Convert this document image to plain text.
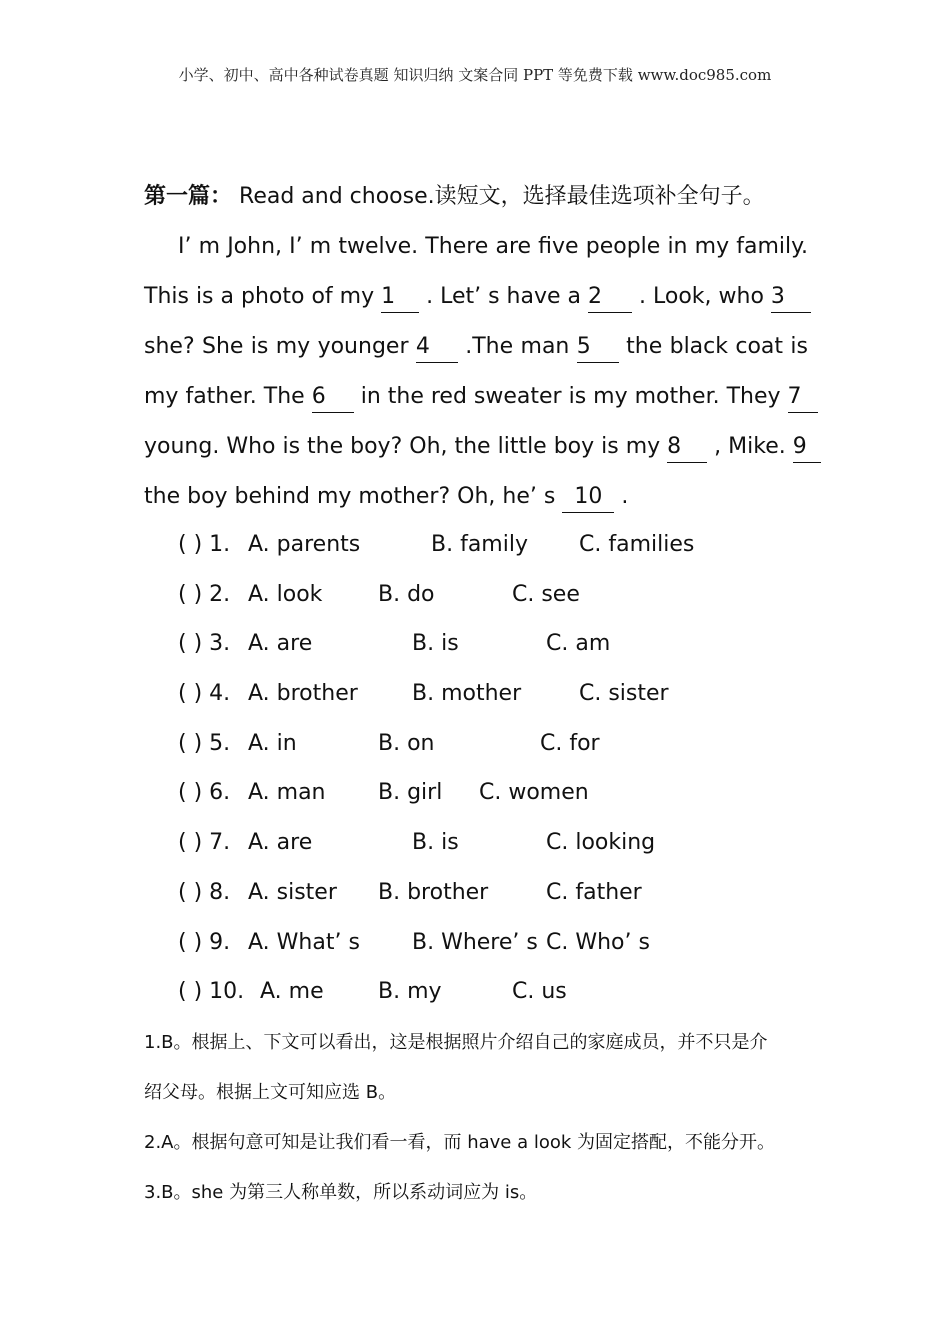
小学、初中、高中各种试卷真题 知识归纳 文案合同 PPT 等免费下载 www.doc985.com
第一篇： Read and choose.读短文，选择最佳选项补全句子。
I’ m John, I’ m twelve. There are five people in my family.
This is a photo of my 1 . Let’ s have a 2 . Look, who 3
she? She is my younger 4 .The man 5 the black coat is
my father. The 6 in the red sweater is my mother. They 7
young. Who is the boy? Oh, the little boy is my 8 , Mike. 9
the boy behind my mother? Oh, he’ s 10 .
( ) 1. A. parents	B. family C. families
( ) 2. A. look	B. do	C. see
( ) 3. A. are	B. is	C. am
( ) 4. A. brother B. mother	C. sister
( ) 5. A. in	B. on	C. for
( ) 6. A. man B. girl C. women
( ) 7. A. are	B. is	C. looking
( ) 8. A. sister B. brother	C. father
( ) 9. A. What’ s B. Where’ s C. Who’ s
( ) 10. A. me B. my	C. us
1.B。根据上、下文可以看出，这是根据照片介绍自己的家庭成员，并不只是介
绍父母。根据上文可知应选 B。
2.A。根据句意可知是让我们看一看，而 have a look 为固定搭配，不能分开。
3.B。she 为第三人称单数，所以系动词应为 is。
